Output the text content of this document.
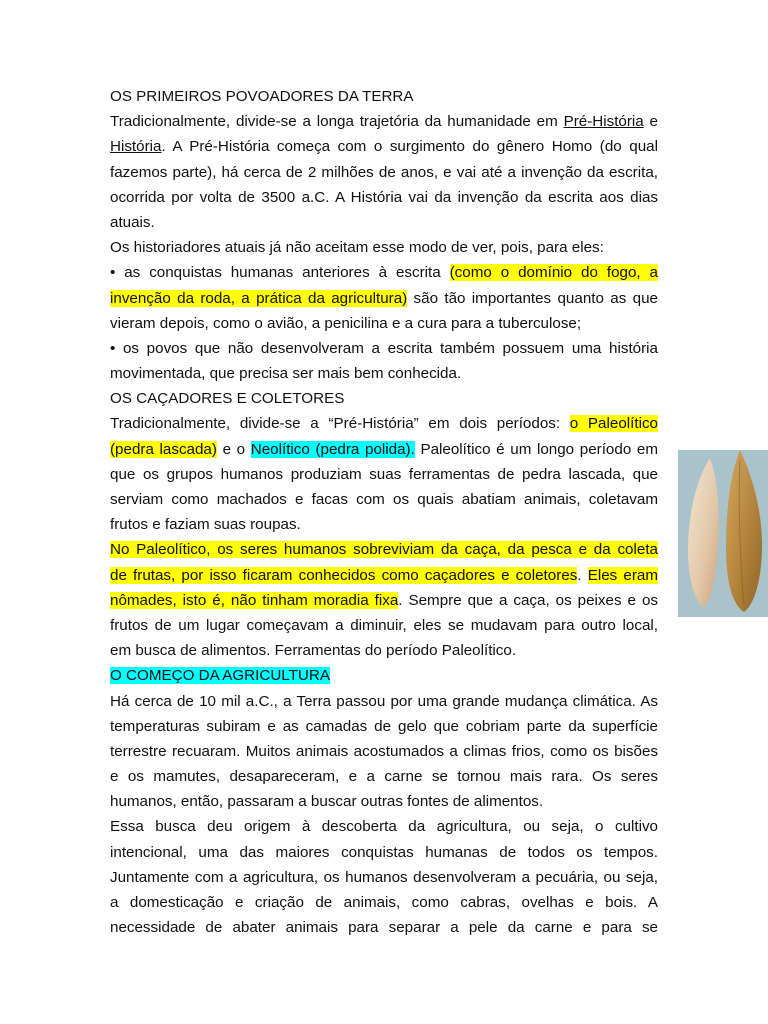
OS PRIMEIROS POVOADORES DA TERRA
Tradicionalmente, divide-se a longa trajetória da humanidade em Pré-História e
História. A Pré-História começa com o surgimento do gênero Homo (do qual
fazemos parte), há cerca de 2 milhões de anos, e vai até a invenção da escrita,
ocorrida por volta de 3500 a.C. A História vai da invenção da escrita aos dias
atuais.
Os historiadores atuais já não aceitam esse modo de ver, pois, para eles:
• as conquistas humanas anteriores à escrita (como o domínio do fogo, a
invenção da roda, a prática da agricultura) são tão importantes quanto as que
vieram depois, como o avião, a penicilina e a cura para a tuberculose;
• os povos que não desenvolveram a escrita também possuem uma história
movimentada, que precisa ser mais bem conhecida.
OS CAÇADORES E COLETORES
Tradicionalmente, divide-se a “Pré-História” em dois períodos: o Paleolítico
(pedra lascada) e o Neolítico (pedra polida). Paleolítico é um longo período em
que os grupos humanos produziam suas ferramentas de pedra lascada, que
serviam como machados e facas com os quais abatiam animais, coletavam
frutos e faziam suas roupas.
No Paleolítico, os seres humanos sobreviviam da caça, da pesca e da coleta
de frutas, por isso ficaram conhecidos como caçadores e coletores. Eles eram
nômades, isto é, não tinham moradia fixa. Sempre que a caça, os peixes e os
frutos de um lugar começavam a diminuir, eles se mudavam para outro local,
em busca de alimentos. Ferramentas do período Paleolítico.
O COMEÇO DA AGRICULTURA
Há cerca de 10 mil a.C., a Terra passou por uma grande mudança climática. As
temperaturas subiram e as camadas de gelo que cobriam parte da superfície
terrestre recuaram. Muitos animais acostumados a climas frios, como os bisões
e os mamutes, desapareceram, e a carne se tornou mais rara. Os seres
humanos, então, passaram a buscar outras fontes de alimentos.
Essa busca deu origem à descoberta da agricultura, ou seja, o cultivo
intencional, uma das maiores conquistas humanas de todos os tempos.
Juntamente com a agricultura, os humanos desenvolveram a pecuária, ou seja,
a domesticação e criação de animais, como cabras, ovelhas e bois. A
necessidade de abater animais para separar a pele da carne e para se
